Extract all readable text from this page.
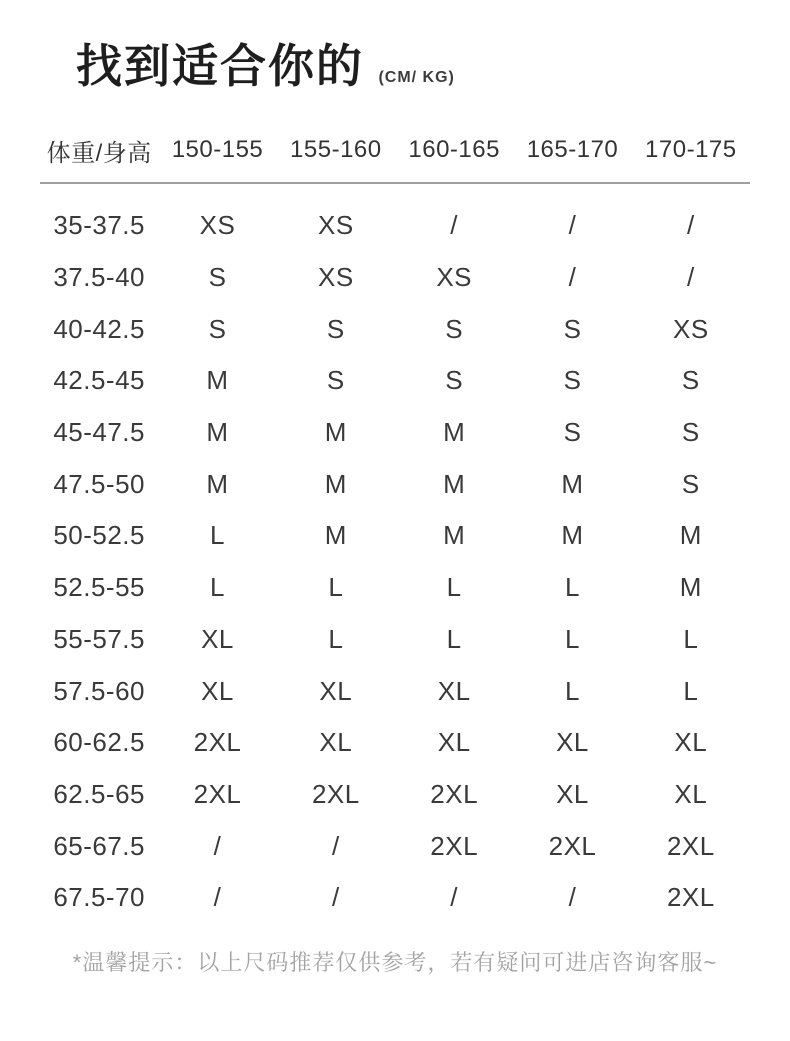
找到适合你的 (CM/ KG)
体重/身高 150-155	155-160	160-165	165-170	170-175
35-37.5	XS	XS	/	/	/
37.5-40	S	XS	XS	/	/
40-42.5	S	S	S	S	XS
42.5-45	M	S	S	S	S
45-47.5	M	M	M	S	S
47.5-50	M	M	M	M	S
50-52.5	L	M	M	M	M
52.5-55	L	L	L	L	M
55-57.5	XL	L	L	L	L
57.5-60	XL	XL	XL	L	L
60-62.5	2XL	XL	XL	XL	XL
62.5-65	2XL	2XL	2XL	XL	XL
65-67.5	/	/	2XL	2XL	2XL
67.5-70	/	/	/	/	2XL
*温馨提示：以上尺码推荐仅供参考，若有疑问可进店咨询客服~
